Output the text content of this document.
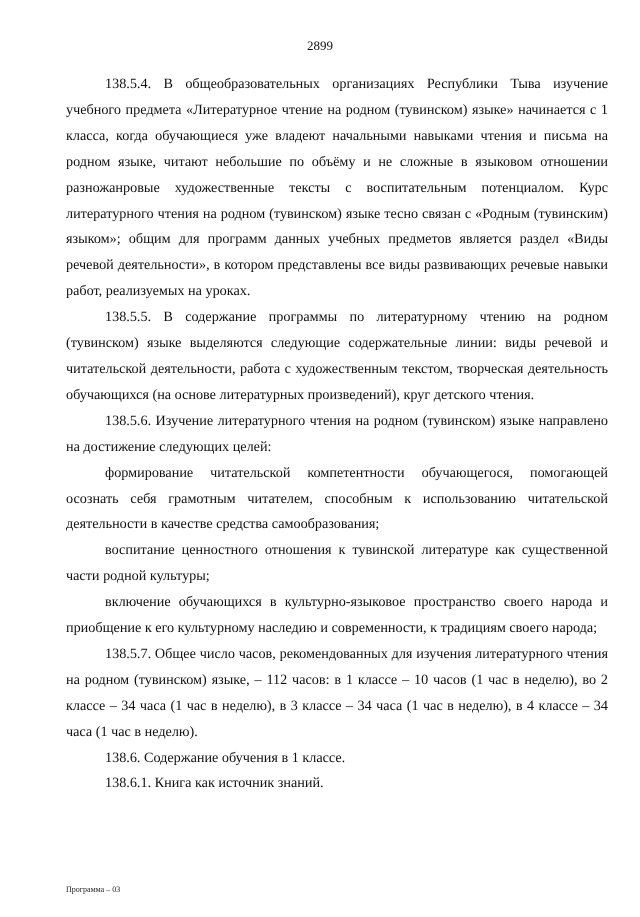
2899

138.5.4. В общеобразовательных организациях Республики Тыва изучение учебного предмета «Литературное чтение на родном (тувинском) языке» начинается с 1 класса, когда обучающиеся уже владеют начальными навыками чтения и письма на родном языке, читают небольшие по объёму и не сложные в языковом отношении разножанровые художественные тексты с воспитательным потенциалом. Курс литературного чтения на родном (тувинском) языке тесно связан с «Родным (тувинским) языком»; общим для программ данных учебных предметов является раздел «Виды речевой деятельности», в котором представлены все виды развивающих речевые навыки работ, реализуемых на уроках.

138.5.5. В содержание программы по литературному чтению на родном (тувинском) языке выделяются следующие содержательные линии: виды речевой и читательской деятельности, работа с художественным текстом, творческая деятельность обучающихся (на основе литературных произведений), круг детского чтения.

138.5.6. Изучение литературного чтения на родном (тувинском) языке направлено на достижение следующих целей:

формирование читательской компетентности обучающегося, помогающей осознать себя грамотным читателем, способным к использованию читательской деятельности в качестве средства самообразования;

воспитание ценностного отношения к тувинской литературе как существенной части родной культуры;

включение обучающихся в культурно-языковое пространство своего народа и приобщение к его культурному наследию и современности, к традициям своего народа;

138.5.7. Общее число часов, рекомендованных для изучения литературного чтения на родном (тувинском) языке, – 112 часов: в 1 классе – 10 часов (1 час в неделю), во 2 классе – 34 часа (1 час в неделю), в 3 классе – 34 часа (1 час в неделю), в 4 классе – 34 часа (1 час в неделю).

138.6. Содержание обучения в 1 классе.

138.6.1. Книга как источник знаний.

Программа – 03
